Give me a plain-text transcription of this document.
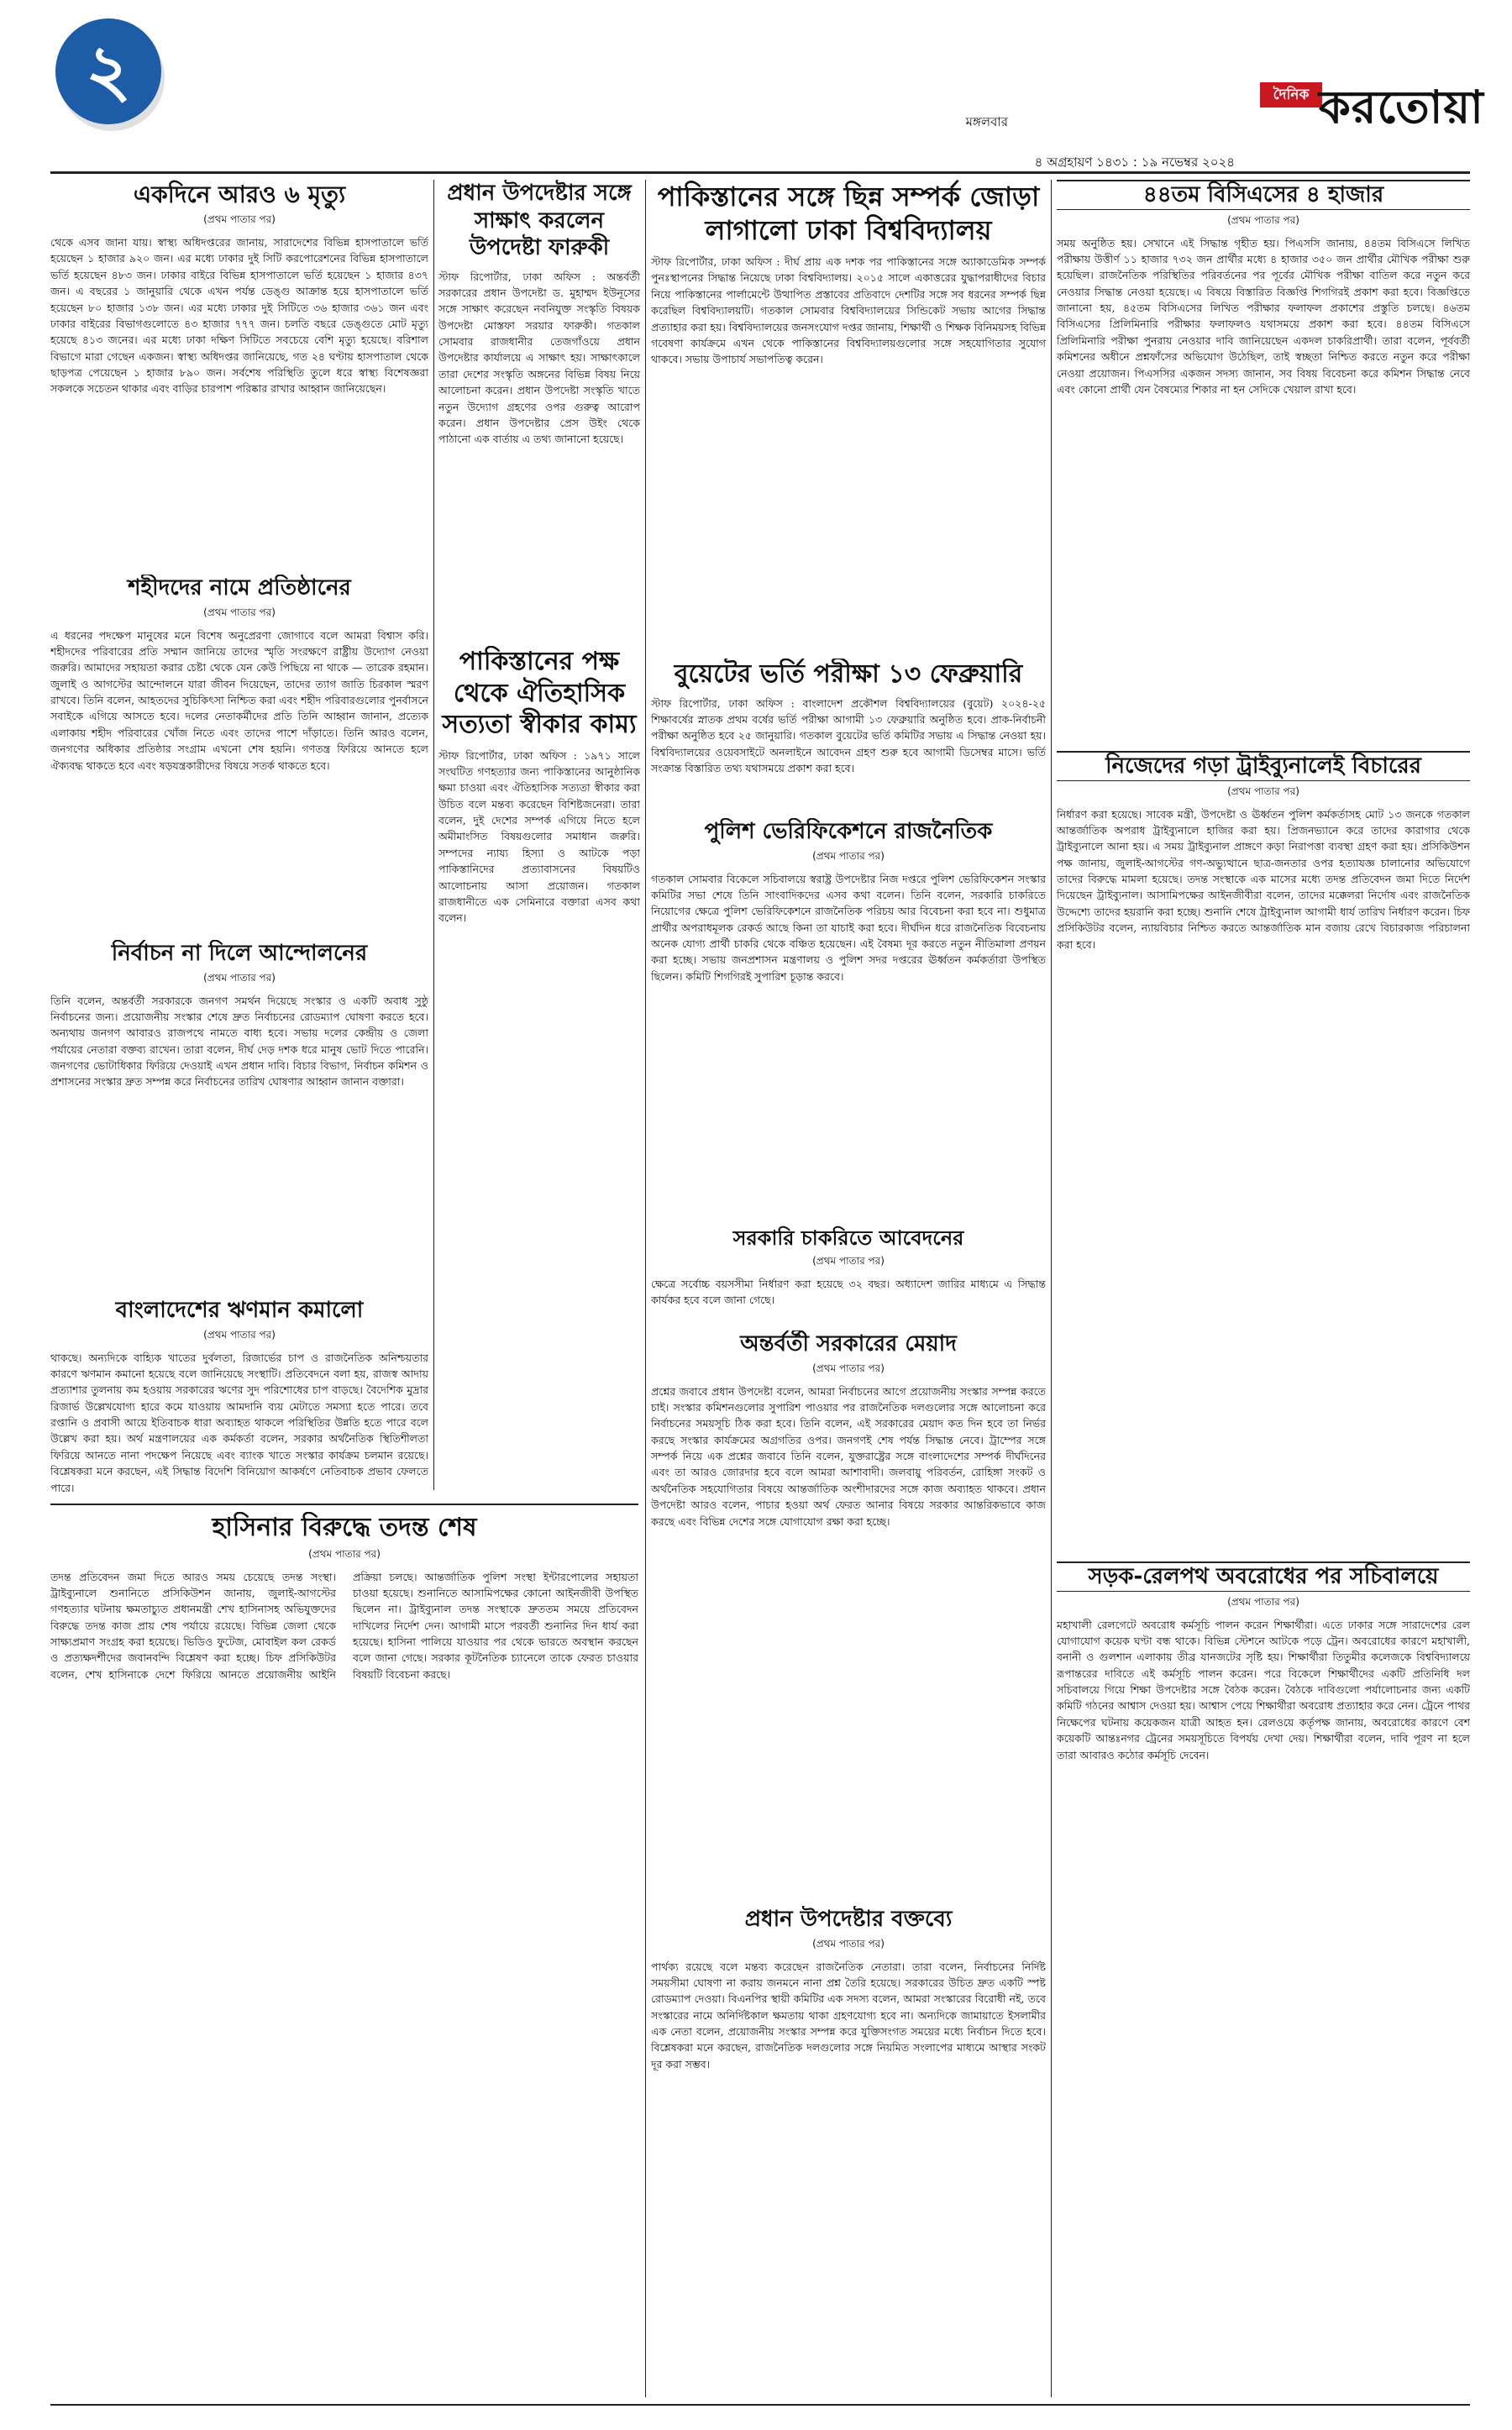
২
মঙ্গলবার
দৈনিক করতোয়া
৪ অগ্রহায়ণ ১৪৩১ : ১৯ নভেম্বর ২০২৪
একদিনে আরও ৬ মৃত্যু
(প্রথম পাতার পর)

থেকে এসব জানা যায়। স্বাস্থ্য অধিদপ্তরের জানায়, সারাদেশের বিভিন্ন হাসপাতালে ভর্তি হয়েছেন ১ হাজার ৯২০ জন। এর মধ্যে ঢাকার দুই সিটি করপোরেশনের বিভিন্ন হাসপাতালে ভর্তি হয়েছেন ৪৮৩ জন। ঢাকার বাইরে বিভিন্ন হাসপাতালে ভর্তি হয়েছেন ১ হাজার ৪৩৭ জন। এ বছরের ১ জানুয়ারি থেকে এখন পর্যন্ত ডেঙ্গু আক্রান্ত হয়ে হাসপাতালে ভর্তি হয়েছেন ৮০ হাজার ১৩৮ জন। এর মধ্যে ঢাকার দুই সিটিতে ৩৬ হাজার ৩৬১ জন এবং ঢাকার বাইরের বিভাগগুলোতে ৪৩ হাজার ৭৭৭ জন। চলতি বছরে ডেঙ্গুতে মোট মৃত্যু হয়েছে ৪১৩ জনের। এর মধ্যে ঢাকা দক্ষিণ সিটিতে সবচেয়ে বেশি মৃত্যু হয়েছে। বরিশাল বিভাগে মারা গেছেন একজন। স্বাস্থ্য অধিদপ্তর জানিয়েছে, গত ২৪ ঘণ্টায় হাসপাতাল থেকে ছাড়পত্র পেয়েছেন ১ হাজার ৮৯০ জন। সর্বশেষ পরিস্থিতি তুলে ধরে স্বাস্থ্য বিশেষজ্ঞরা সকলকে সচেতন থাকার এবং বাড়ির চারপাশ পরিষ্কার রাখার আহ্বান জানিয়েছেন।

শহীদদের নামে প্রতিষ্ঠানের
(প্রথম পাতার পর)

এ ধরনের পদক্ষেপ মানুষের মনে বিশেষ অনুপ্রেরণা জোগাবে বলে আমরা বিশ্বাস করি। শহীদদের পরিবারের প্রতি সম্মান জানিয়ে তাদের স্মৃতি সংরক্ষণে রাষ্ট্রীয় উদ্যোগ নেওয়া জরুরি। আমাদের সহায়তা করার চেষ্টা থেকে যেন কেউ পিছিয়ে না থাকে — তারেক রহমান। জুলাই ও আগস্টের আন্দোলনে যারা জীবন দিয়েছেন, তাদের ত্যাগ জাতি চিরকাল স্মরণ রাখবে। তিনি বলেন, আহতদের সুচিকিৎসা নিশ্চিত করা এবং শহীদ পরিবারগুলোর পুনর্বাসনে সবাইকে এগিয়ে আসতে হবে। দলের নেতাকর্মীদের প্রতি তিনি আহ্বান জানান, প্রত্যেক এলাকায় শহীদ পরিবারের খোঁজ নিতে এবং তাদের পাশে দাঁড়াতে। তিনি আরও বলেন, জনগণের অধিকার প্রতিষ্ঠার সংগ্রাম এখনো শেষ হয়নি। গণতন্ত্র ফিরিয়ে আনতে হলে ঐক্যবদ্ধ থাকতে হবে এবং ষড়যন্ত্রকারীদের বিষয়ে সতর্ক থাকতে হবে।

নির্বাচন না দিলে আন্দোলনের
(প্রথম পাতার পর)

তিনি বলেন, অন্তর্বর্তী সরকারকে জনগণ সমর্থন দিয়েছে সংস্কার ও একটি অবাধ সুষ্ঠু নির্বাচনের জন্য। প্রয়োজনীয় সংস্কার শেষে দ্রুত নির্বাচনের রোডম্যাপ ঘোষণা করতে হবে। অন্যথায় জনগণ আবারও রাজপথে নামতে বাধ্য হবে। সভায় দলের কেন্দ্রীয় ও জেলা পর্যায়ের নেতারা বক্তব্য রাখেন। তারা বলেন, দীর্ঘ দেড় দশক ধরে মানুষ ভোট দিতে পারেনি। জনগণের ভোটাধিকার ফিরিয়ে দেওয়াই এখন প্রধান দাবি। বিচার বিভাগ, নির্বাচন কমিশন ও প্রশাসনের সংস্কার দ্রুত সম্পন্ন করে নির্বাচনের তারিখ ঘোষণার আহ্বান জানান বক্তারা।

বাংলাদেশের ঋণমান কমালো
(প্রথম পাতার পর)

থাকছে। অন্যদিকে বাহ্যিক খাতের দুর্বলতা, রিজার্ভের চাপ ও রাজনৈতিক অনিশ্চয়তার কারণে ঋণমান কমানো হয়েছে বলে জানিয়েছে সংস্থাটি। প্রতিবেদনে বলা হয়, রাজস্ব আদায় প্রত্যাশার তুলনায় কম হওয়ায় সরকারের ঋণের সুদ পরিশোধের চাপ বাড়ছে। বৈদেশিক মুদ্রার রিজার্ভ উল্লেখযোগ্য হারে কমে যাওয়ায় আমদানি ব্যয় মেটাতে সমস্যা হতে পারে। তবে রপ্তানি ও প্রবাসী আয়ে ইতিবাচক ধারা অব্যাহত থাকলে পরিস্থিতির উন্নতি হতে পারে বলে উল্লেখ করা হয়। অর্থ মন্ত্রণালয়ের এক কর্মকর্তা বলেন, সরকার অর্থনৈতিক স্থিতিশীলতা ফিরিয়ে আনতে নানা পদক্ষেপ নিয়েছে এবং ব্যাংক খাতে সংস্কার কার্যক্রম চলমান রয়েছে। বিশ্লেষকরা মনে করছেন, এই সিদ্ধান্ত বিদেশি বিনিয়োগ আকর্ষণে নেতিবাচক প্রভাব ফেলতে পারে।

প্রধান উপদেষ্টার সঙ্গে সাক্ষাৎ করলেন উপদেষ্টা ফারুকী

স্টাফ রিপোর্টার, ঢাকা অফিস : অন্তর্বর্তী সরকারের প্রধান উপদেষ্টা ড. মুহাম্মদ ইউনূসের সঙ্গে সাক্ষাৎ করেছেন নবনিযুক্ত সংস্কৃতি বিষয়ক উপদেষ্টা মোস্তফা সরয়ার ফারুকী। গতকাল সোমবার রাজধানীর তেজগাঁওয়ে প্রধান উপদেষ্টার কার্যালয়ে এ সাক্ষাৎ হয়। সাক্ষাৎকালে তারা দেশের সংস্কৃতি অঙ্গনের বিভিন্ন বিষয় নিয়ে আলোচনা করেন। প্রধান উপদেষ্টা সংস্কৃতি খাতে নতুন উদ্যোগ গ্রহণের ওপর গুরুত্ব আরোপ করেন। প্রধান উপদেষ্টার প্রেস উইং থেকে পাঠানো এক বার্তায় এ তথ্য জানানো হয়েছে।

পাকিস্তানের পক্ষ থেকে ঐতিহাসিক সত্যতা স্বীকার কাম্য

স্টাফ রিপোর্টার, ঢাকা অফিস : ১৯৭১ সালে সংঘটিত গণহত্যার জন্য পাকিস্তানের আনুষ্ঠানিক ক্ষমা চাওয়া এবং ঐতিহাসিক সত্যতা স্বীকার করা উচিত বলে মন্তব্য করেছেন বিশিষ্টজনেরা। তারা বলেন, দুই দেশের সম্পর্ক এগিয়ে নিতে হলে অমীমাংসিত বিষয়গুলোর সমাধান জরুরি। সম্পদের ন্যায্য হিস্যা ও আটকে পড়া পাকিস্তানিদের প্রত্যাবাসনের বিষয়টিও আলোচনায় আসা প্রয়োজন। গতকাল রাজধানীতে এক সেমিনারে বক্তারা এসব কথা বলেন।

হাসিনার বিরুদ্ধে তদন্ত শেষ
(প্রথম পাতার পর)

তদন্ত প্রতিবেদন জমা দিতে আরও সময় চেয়েছে তদন্ত সংস্থা। ট্রাইব্যুনালে শুনানিতে প্রসিকিউশন জানায়, জুলাই-আগস্টের গণহত্যার ঘটনায় ক্ষমতাচ্যুত প্রধানমন্ত্রী শেখ হাসিনাসহ অভিযুক্তদের বিরুদ্ধে তদন্ত কাজ প্রায় শেষ পর্যায়ে রয়েছে। বিভিন্ন জেলা থেকে সাক্ষ্যপ্রমাণ সংগ্রহ করা হয়েছে। ভিডিও ফুটেজ, মোবাইল কল রেকর্ড ও প্রত্যক্ষদর্শীদের জবানবন্দি বিশ্লেষণ করা হচ্ছে। চিফ প্রসিকিউটর বলেন, শেখ হাসিনাকে দেশে ফিরিয়ে আনতে প্রয়োজনীয় আইনি প্রক্রিয়া চলছে। আন্তর্জাতিক পুলিশ সংস্থা ইন্টারপোলের সহায়তা চাওয়া হয়েছে। শুনানিতে আসামিপক্ষের কোনো আইনজীবী উপস্থিত ছিলেন না। ট্রাইব্যুনাল তদন্ত সংস্থাকে দ্রুততম সময়ে প্রতিবেদন দাখিলের নির্দেশ দেন। আগামী মাসে পরবর্তী শুনানির দিন ধার্য করা হয়েছে। হাসিনা পালিয়ে যাওয়ার পর থেকে ভারতে অবস্থান করছেন বলে জানা গেছে। সরকার কূটনৈতিক চ্যানেলে তাকে ফেরত চাওয়ার বিষয়টি বিবেচনা করছে।

পাকিস্তানের সঙ্গে ছিন্ন সম্পর্ক জোড়া লাগালো ঢাকা বিশ্ববিদ্যালয়

স্টাফ রিপোর্টার, ঢাকা অফিস : দীর্ঘ প্রায় এক দশক পর পাকিস্তানের সঙ্গে অ্যাকাডেমিক সম্পর্ক পুনঃস্থাপনের সিদ্ধান্ত নিয়েছে ঢাকা বিশ্ববিদ্যালয়। ২০১৫ সালে একাত্তরের যুদ্ধাপরাধীদের বিচার নিয়ে পাকিস্তানের পার্লামেন্টে উত্থাপিত প্রস্তাবের প্রতিবাদে দেশটির সঙ্গে সব ধরনের সম্পর্ক ছিন্ন করেছিল বিশ্ববিদ্যালয়টি। গতকাল সোমবার বিশ্ববিদ্যালয়ের সিন্ডিকেট সভায় আগের সিদ্ধান্ত প্রত্যাহার করা হয়। বিশ্ববিদ্যালয়ের জনসংযোগ দপ্তর জানায়, শিক্ষার্থী ও শিক্ষক বিনিময়সহ বিভিন্ন গবেষণা কার্যক্রমে এখন থেকে পাকিস্তানের বিশ্ববিদ্যালয়গুলোর সঙ্গে সহযোগিতার সুযোগ থাকবে। সভায় উপাচার্য সভাপতিত্ব করেন।

বুয়েটের ভর্তি পরীক্ষা ১৩ ফেব্রুয়ারি

স্টাফ রিপোর্টার, ঢাকা অফিস : বাংলাদেশ প্রকৌশল বিশ্ববিদ্যালয়ের (বুয়েট) ২০২৪-২৫ শিক্ষাবর্ষের স্নাতক প্রথম বর্ষের ভর্তি পরীক্ষা আগামী ১৩ ফেব্রুয়ারি অনুষ্ঠিত হবে। প্রাক-নির্বাচনী পরীক্ষা অনুষ্ঠিত হবে ২৫ জানুয়ারি। গতকাল বুয়েটের ভর্তি কমিটির সভায় এ সিদ্ধান্ত নেওয়া হয়। বিশ্ববিদ্যালয়ের ওয়েবসাইটে অনলাইনে আবেদন গ্রহণ শুরু হবে আগামী ডিসেম্বর মাসে। ভর্তি সংক্রান্ত বিস্তারিত তথ্য যথাসময়ে প্রকাশ করা হবে।

পুলিশ ভেরিফিকেশনে রাজনৈতিক
(প্রথম পাতার পর)

গতকাল সোমবার বিকেলে সচিবালয়ে স্বরাষ্ট্র উপদেষ্টার নিজ দপ্তরে পুলিশ ভেরিফিকেশন সংস্কার কমিটির সভা শেষে তিনি সাংবাদিকদের এসব কথা বলেন। তিনি বলেন, সরকারি চাকরিতে নিয়োগের ক্ষেত্রে পুলিশ ভেরিফিকেশনে রাজনৈতিক পরিচয় আর বিবেচনা করা হবে না। শুধুমাত্র প্রার্থীর অপরাধমূলক রেকর্ড আছে কিনা তা যাচাই করা হবে। দীর্ঘদিন ধরে রাজনৈতিক বিবেচনায় অনেক যোগ্য প্রার্থী চাকরি থেকে বঞ্চিত হয়েছেন। এই বৈষম্য দূর করতে নতুন নীতিমালা প্রণয়ন করা হচ্ছে। সভায় জনপ্রশাসন মন্ত্রণালয় ও পুলিশ সদর দপ্তরের ঊর্ধ্বতন কর্মকর্তারা উপস্থিত ছিলেন। কমিটি শিগগিরই সুপারিশ চূড়ান্ত করবে।

সরকারি চাকরিতে আবেদনের
(প্রথম পাতার পর)

ক্ষেত্রে সর্বোচ্চ বয়সসীমা নির্ধারণ করা হয়েছে ৩২ বছর। অধ্যাদেশ জারির মাধ্যমে এ সিদ্ধান্ত কার্যকর হবে বলে জানা গেছে।

অন্তর্বর্তী সরকারের মেয়াদ
(প্রথম পাতার পর)

প্রশ্নের জবাবে প্রধান উপদেষ্টা বলেন, আমরা নির্বাচনের আগে প্রয়োজনীয় সংস্কার সম্পন্ন করতে চাই। সংস্কার কমিশনগুলোর সুপারিশ পাওয়ার পর রাজনৈতিক দলগুলোর সঙ্গে আলোচনা করে নির্বাচনের সময়সূচি ঠিক করা হবে। তিনি বলেন, এই সরকারের মেয়াদ কত দিন হবে তা নির্ভর করছে সংস্কার কার্যক্রমের অগ্রগতির ওপর। জনগণই শেষ পর্যন্ত সিদ্ধান্ত নেবে। ট্রাম্পের সঙ্গে সম্পর্ক নিয়ে এক প্রশ্নের জবাবে তিনি বলেন, যুক্তরাষ্ট্রের সঙ্গে বাংলাদেশের সম্পর্ক দীর্ঘদিনের এবং তা আরও জোরদার হবে বলে আমরা আশাবাদী। জলবায়ু পরিবর্তন, রোহিঙ্গা সংকট ও অর্থনৈতিক সহযোগিতার বিষয়ে আন্তর্জাতিক অংশীদারদের সঙ্গে কাজ অব্যাহত থাকবে। প্রধান উপদেষ্টা আরও বলেন, পাচার হওয়া অর্থ ফেরত আনার বিষয়ে সরকার আন্তরিকভাবে কাজ করছে এবং বিভিন্ন দেশের সঙ্গে যোগাযোগ রক্ষা করা হচ্ছে।

প্রধান উপদেষ্টার বক্তব্যে
(প্রথম পাতার পর)

পার্থক্য রয়েছে বলে মন্তব্য করেছেন রাজনৈতিক নেতারা। তারা বলেন, নির্বাচনের নির্দিষ্ট সময়সীমা ঘোষণা না করায় জনমনে নানা প্রশ্ন তৈরি হয়েছে। সরকারের উচিত দ্রুত একটি স্পষ্ট রোডম্যাপ দেওয়া। বিএনপির স্থায়ী কমিটির এক সদস্য বলেন, আমরা সংস্কারের বিরোধী নই, তবে সংস্কারের নামে অনির্দিষ্টকাল ক্ষমতায় থাকা গ্রহণযোগ্য হবে না। অন্যদিকে জামায়াতে ইসলামীর এক নেতা বলেন, প্রয়োজনীয় সংস্কার সম্পন্ন করে যুক্তিসংগত সময়ের মধ্যে নির্বাচন দিতে হবে। বিশ্লেষকরা মনে করছেন, রাজনৈতিক দলগুলোর সঙ্গে নিয়মিত সংলাপের মাধ্যমে আস্থার সংকট দূর করা সম্ভব।

৪৪তম বিসিএসের ৪ হাজার
(প্রথম পাতার পর)

সময় অনুষ্ঠিত হয়। সেখানে এই সিদ্ধান্ত গৃহীত হয়। পিএসসি জানায়, ৪৪তম বিসিএসে লিখিত পরীক্ষায় উত্তীর্ণ ১১ হাজার ৭৩২ জন প্রার্থীর মধ্যে ৪ হাজার ৩৫০ জন প্রার্থীর মৌখিক পরীক্ষা শুরু হয়েছিল। রাজনৈতিক পরিস্থিতির পরিবর্তনের পর পূর্বের মৌখিক পরীক্ষা বাতিল করে নতুন করে নেওয়ার সিদ্ধান্ত নেওয়া হয়েছে। এ বিষয়ে বিস্তারিত বিজ্ঞপ্তি শিগগিরই প্রকাশ করা হবে। বিজ্ঞপ্তিতে জানানো হয়, ৪৫তম বিসিএসের লিখিত পরীক্ষার ফলাফল প্রকাশের প্রস্তুতি চলছে। ৪৬তম বিসিএসের প্রিলিমিনারি পরীক্ষার ফলাফলও যথাসময়ে প্রকাশ করা হবে। ৪৪তম বিসিএসে প্রিলিমিনারি পরীক্ষা পুনরায় নেওয়ার দাবি জানিয়েছেন একদল চাকরিপ্রার্থী। তারা বলেন, পূর্ববর্তী কমিশনের অধীনে প্রশ্নফাঁসের অভিযোগ উঠেছিল, তাই স্বচ্ছতা নিশ্চিত করতে নতুন করে পরীক্ষা নেওয়া প্রয়োজন। পিএসসির একজন সদস্য জানান, সব বিষয় বিবেচনা করে কমিশন সিদ্ধান্ত নেবে এবং কোনো প্রার্থী যেন বৈষম্যের শিকার না হন সেদিকে খেয়াল রাখা হবে।

নিজেদের গড়া ট্রাইব্যুনালেই বিচারের
(প্রথম পাতার পর)

নির্ধারণ করা হয়েছে। সাবেক মন্ত্রী, উপদেষ্টা ও ঊর্ধ্বতন পুলিশ কর্মকর্তাসহ মোট ১৩ জনকে গতকাল আন্তর্জাতিক অপরাধ ট্রাইব্যুনালে হাজির করা হয়। প্রিজনভ্যানে করে তাদের কারাগার থেকে ট্রাইব্যুনালে আনা হয়। এ সময় ট্রাইব্যুনাল প্রাঙ্গণে কড়া নিরাপত্তা ব্যবস্থা গ্রহণ করা হয়। প্রসিকিউশন পক্ষ জানায়, জুলাই-আগস্টের গণ-অভ্যুত্থানে ছাত্র-জনতার ওপর হত্যাযজ্ঞ চালানোর অভিযোগে তাদের বিরুদ্ধে মামলা হয়েছে। তদন্ত সংস্থাকে এক মাসের মধ্যে তদন্ত প্রতিবেদন জমা দিতে নির্দেশ দিয়েছেন ট্রাইব্যুনাল। আসামিপক্ষের আইনজীবীরা বলেন, তাদের মক্কেলরা নির্দোষ এবং রাজনৈতিক উদ্দেশ্যে তাদের হয়রানি করা হচ্ছে। শুনানি শেষে ট্রাইব্যুনাল আগামী ধার্য তারিখ নির্ধারণ করেন। চিফ প্রসিকিউটর বলেন, ন্যায়বিচার নিশ্চিত করতে আন্তর্জাতিক মান বজায় রেখে বিচারকাজ পরিচালনা করা হবে।

সড়ক-রেলপথ অবরোধের পর সচিবালয়ে
(প্রথম পাতার পর)

মহাখালী রেলগেটে অবরোধ কর্মসূচি পালন করেন শিক্ষার্থীরা। এতে ঢাকার সঙ্গে সারাদেশের রেল যোগাযোগ কয়েক ঘণ্টা বন্ধ থাকে। বিভিন্ন স্টেশনে আটকে পড়ে ট্রেন। অবরোধের কারণে মহাখালী, বনানী ও গুলশান এলাকায় তীব্র যানজটের সৃষ্টি হয়। শিক্ষার্থীরা তিতুমীর কলেজকে বিশ্ববিদ্যালয়ে রূপান্তরের দাবিতে এই কর্মসূচি পালন করেন। পরে বিকেলে শিক্ষার্থীদের একটি প্রতিনিধি দল সচিবালয়ে গিয়ে শিক্ষা উপদেষ্টার সঙ্গে বৈঠক করেন। বৈঠকে দাবিগুলো পর্যালোচনার জন্য একটি কমিটি গঠনের আশ্বাস দেওয়া হয়। আশ্বাস পেয়ে শিক্ষার্থীরা অবরোধ প্রত্যাহার করে নেন। ট্রেনে পাথর নিক্ষেপের ঘটনায় কয়েকজন যাত্রী আহত হন। রেলওয়ে কর্তৃপক্ষ জানায়, অবরোধের কারণে বেশ কয়েকটি আন্তঃনগর ট্রেনের সময়সূচিতে বিপর্যয় দেখা দেয়। শিক্ষার্থীরা বলেন, দাবি পূরণ না হলে তারা আবারও কঠোর কর্মসূচি দেবেন।
